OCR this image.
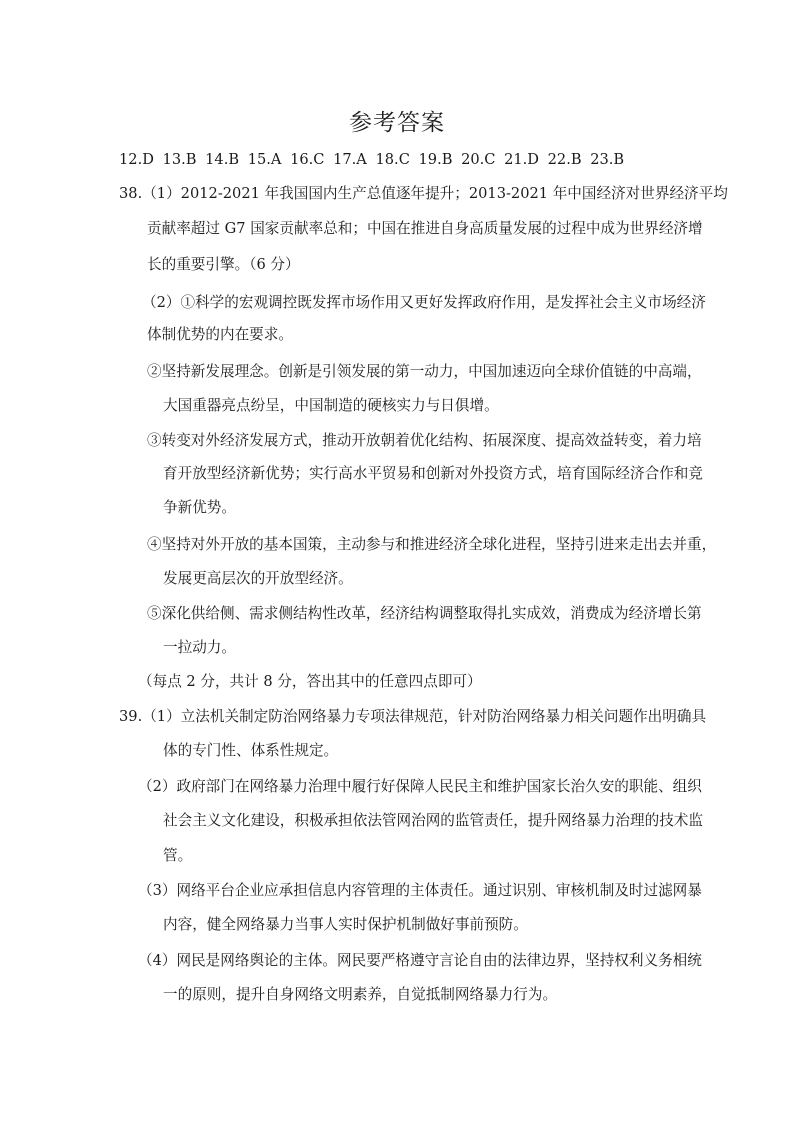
参考答案
12.D 13.B 14.B 15.A 16.C 17.A 18.C 19.B 20.C 21.D 22.B 23.B
38.（1）2012-2021 年我国国内生产总值逐年提升；2013-2021 年中国经济对世界经济平均
贡献率超过 G7 国家贡献率总和；中国在推进自身高质量发展的过程中成为世界经济增
长的重要引擎。（6 分）
（2）①科学的宏观调控既发挥市场作用又更好发挥政府作用，是发挥社会主义市场经济
体制优势的内在要求。
②坚持新发展理念。创新是引领发展的第一动力，中国加速迈向全球价值链的中高端，
大国重器亮点纷呈，中国制造的硬核实力与日俱增。
③转变对外经济发展方式，推动开放朝着优化结构、拓展深度、提高效益转变，着力培
育开放型经济新优势；实行高水平贸易和创新对外投资方式，培育国际经济合作和竞
争新优势。
④坚持对外开放的基本国策，主动参与和推进经济全球化进程，坚持引进来走出去并重，
发展更高层次的开放型经济。
⑤深化供给侧、需求侧结构性改革，经济结构调整取得扎实成效，消费成为经济增长第
一拉动力。
（每点 2 分，共计 8 分，答出其中的任意四点即可）
39.（1）立法机关制定防治网络暴力专项法律规范，针对防治网络暴力相关问题作出明确具
体的专门性、体系性规定。
（2）政府部门在网络暴力治理中履行好保障人民民主和维护国家长治久安的职能、组织
社会主义文化建设，积极承担依法管网治网的监管责任，提升网络暴力治理的技术监
管。
（3）网络平台企业应承担信息内容管理的主体责任。通过识别、审核机制及时过滤网暴
内容，健全网络暴力当事人实时保护机制做好事前预防。
（4）网民是网络舆论的主体。网民要严格遵守言论自由的法律边界，坚持权利义务相统
一的原则，提升自身网络文明素养，自觉抵制网络暴力行为。
